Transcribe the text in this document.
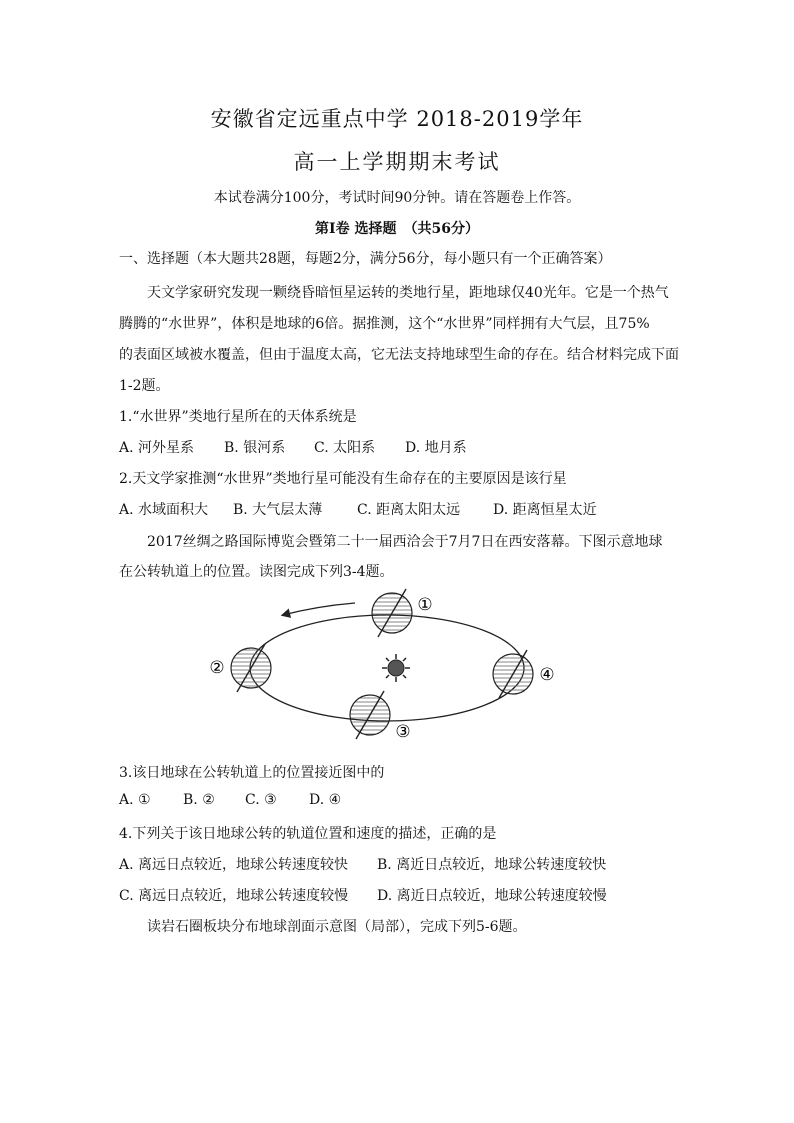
安徽省定远重点中学 2018-2019学年
高一上学期期末考试
本试卷满分100分，考试时间90分钟。请在答题卷上作答。
第Ⅰ卷 选择题　（共56分）
一、选择题（本大题共28题，每题2分，满分56分，每小题只有一个正确答案）
天文学家研究发现一颗绕昏暗恒星运转的类地行星，距地球仅40光年。它是一个热气
腾腾的“水世界”，体积是地球的6倍。据推测，这个“水世界”同样拥有大气层，且75%
的表面区域被水覆盖，但由于温度太高，它无法支持地球型生命的存在。结合材料完成下面
1-2题。
1.“水世界”类地行星所在的天体系统是
A. 河外星系 B. 银河系 C. 太阳系 D. 地月系
2.天文学家推测“水世界”类地行星可能没有生命存在的主要原因是该行星
A. 水域面积大 B. 大气层太薄 C. 距离太阳太远 D. 距离恒星太近
2017丝绸之路国际博览会暨第二十一届西洽会于7月7日在西安落幕。下图示意地球
在公转轨道上的位置。读图完成下列3-4题。
①
②
③
④
3.该日地球在公转轨道上的位置接近图中的
A. ① B. ② C. ③ D. ④
4.下列关于该日地球公转的轨道位置和速度的描述，正确的是
A. 离远日点较近，地球公转速度较快 B. 离近日点较近，地球公转速度较快
C. 离远日点较近，地球公转速度较慢 D. 离近日点较近，地球公转速度较慢
读岩石圈板块分布地球剖面示意图（局部），完成下列5-6题。
